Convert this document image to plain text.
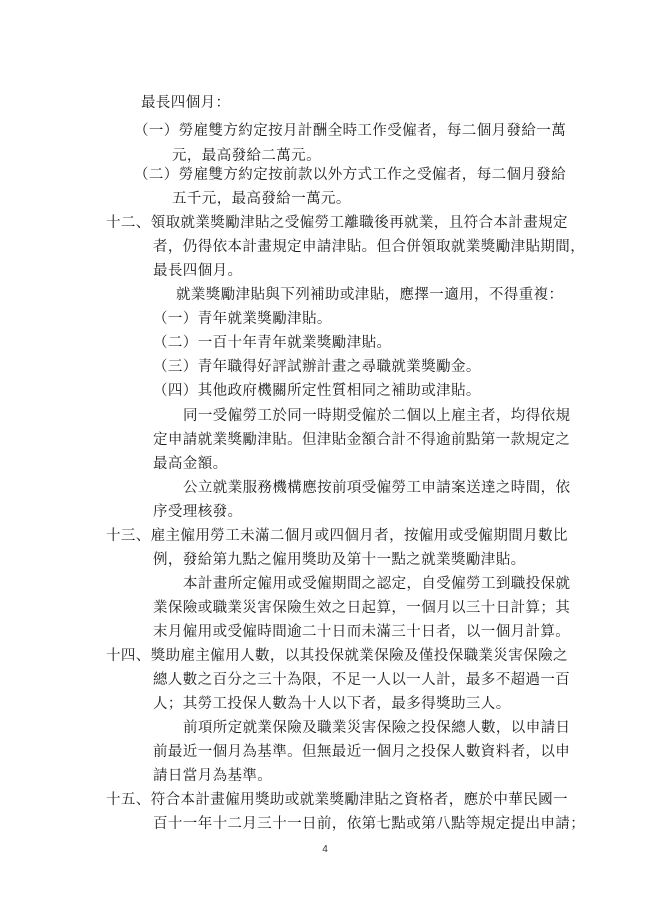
最長四個月：

（一）勞雇雙方約定按月計酬全時工作受僱者，每二個月發給一萬

元，最高發給二萬元。

（二）勞雇雙方約定按前款以外方式工作之受僱者，每二個月發給

五千元，最高發給一萬元。

十二、領取就業獎勵津貼之受僱勞工離職後再就業，且符合本計畫規定

者，仍得依本計畫規定申請津貼。但合併領取就業獎勵津貼期間，

最長四個月。

就業獎勵津貼與下列補助或津貼，應擇一適用，不得重複：

（一）青年就業獎勵津貼。

（二）一百十年青年就業獎勵津貼。

（三）青年職得好評試辦計畫之尋職就業獎勵金。

（四）其他政府機關所定性質相同之補助或津貼。

同一受僱勞工於同一時期受僱於二個以上雇主者，均得依規

定申請就業獎勵津貼。但津貼金額合計不得逾前點第一款規定之

最高金額。

公立就業服務機構應按前項受僱勞工申請案送達之時間，依

序受理核發。

十三、雇主僱用勞工未滿二個月或四個月者，按僱用或受僱期間月數比

例，發給第九點之僱用獎助及第十一點之就業獎勵津貼。

本計畫所定僱用或受僱期間之認定，自受僱勞工到職投保就

業保險或職業災害保險生效之日起算，一個月以三十日計算；其

末月僱用或受僱時間逾二十日而未滿三十日者，以一個月計算。

十四、獎助雇主僱用人數，以其投保就業保險及僅投保職業災害保險之

總人數之百分之三十為限，不足一人以一人計，最多不超過一百

人；其勞工投保人數為十人以下者，最多得獎助三人。

前項所定就業保險及職業災害保險之投保總人數，以申請日

前最近一個月為基準。但無最近一個月之投保人數資料者，以申

請日當月為基準。

十五、符合本計畫僱用獎助或就業獎勵津貼之資格者，應於中華民國一

百十一年十二月三十一日前，依第七點或第八點等規定提出申請；

4
